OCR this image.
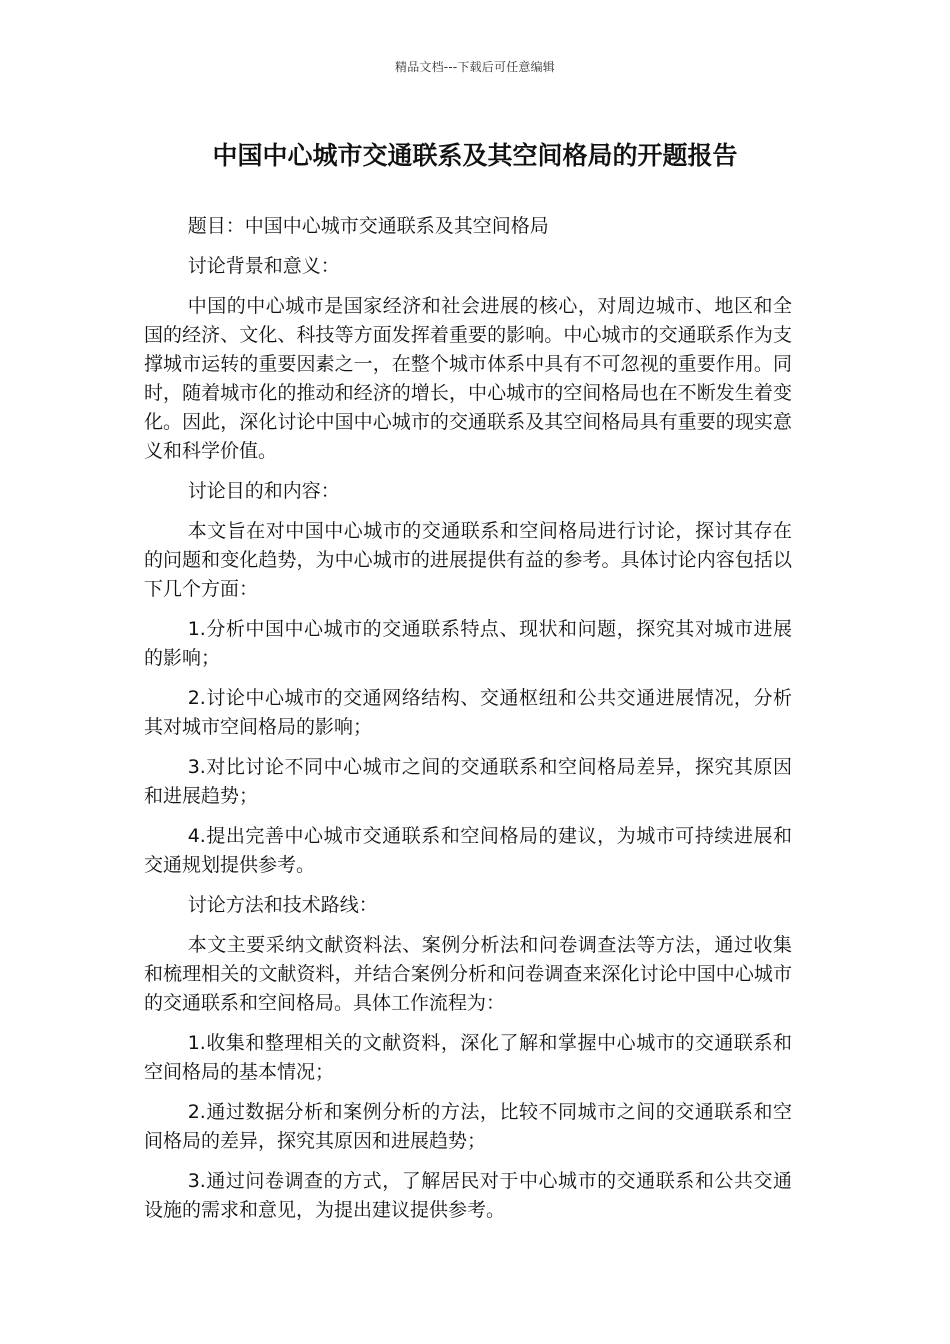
精品文档---下载后可任意编辑
中国中心城市交通联系及其空间格局的开题报告

题目：中国中心城市交通联系及其空间格局

讨论背景和意义：

中国的中心城市是国家经济和社会进展的核心，对周边城市、地区和全国的经济、文化、科技等方面发挥着重要的影响。中心城市的交通联系作为支撑城市运转的重要因素之一，在整个城市体系中具有不可忽视的重要作用。同时，随着城市化的推动和经济的增长，中心城市的空间格局也在不断发生着变化。因此，深化讨论中国中心城市的交通联系及其空间格局具有重要的现实意义和科学价值。

讨论目的和内容：

本文旨在对中国中心城市的交通联系和空间格局进行讨论，探讨其存在的问题和变化趋势，为中心城市的进展提供有益的参考。具体讨论内容包括以下几个方面：

1.分析中国中心城市的交通联系特点、现状和问题，探究其对城市进展的影响；

2.讨论中心城市的交通网络结构、交通枢纽和公共交通进展情况，分析其对城市空间格局的影响；

3.对比讨论不同中心城市之间的交通联系和空间格局差异，探究其原因和进展趋势；

4.提出完善中心城市交通联系和空间格局的建议，为城市可持续进展和交通规划提供参考。

讨论方法和技术路线：

本文主要采纳文献资料法、案例分析法和问卷调查法等方法，通过收集和梳理相关的文献资料，并结合案例分析和问卷调查来深化讨论中国中心城市的交通联系和空间格局。具体工作流程为：

1.收集和整理相关的文献资料，深化了解和掌握中心城市的交通联系和空间格局的基本情况；

2.通过数据分析和案例分析的方法，比较不同城市之间的交通联系和空间格局的差异，探究其原因和进展趋势；

3.通过问卷调查的方式，了解居民对于中心城市的交通联系和公共交通设施的需求和意见，为提出建议提供参考。
